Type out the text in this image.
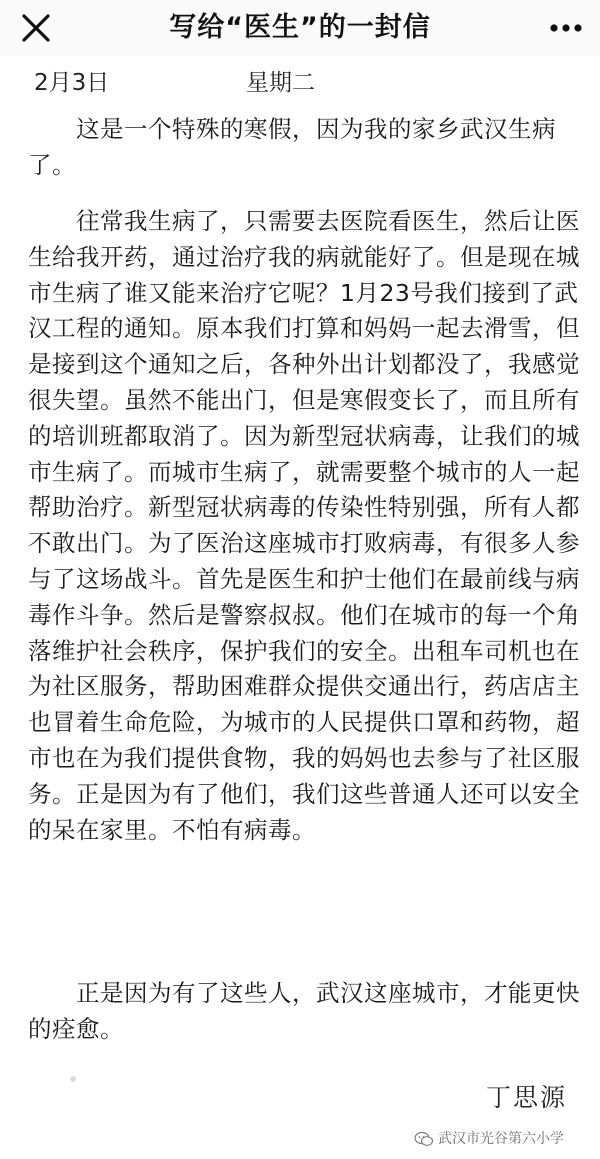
写给“医生”的一封信
2月3日	星期二

这是一个特殊的寒假，因为我的家乡武汉生病了。

往常我生病了，只需要去医院看医生，然后让医生给我开药，通过治疗我的病就能好了。但是现在城市生病了谁又能来治疗它呢？1月23号我们接到了武汉工程的通知。原本我们打算和妈妈一起去滑雪，但是接到这个通知之后，各种外出计划都没了，我感觉很失望。虽然不能出门，但是寒假变长了，而且所有的培训班都取消了。因为新型冠状病毒，让我们的城市生病了。而城市生病了，就需要整个城市的人一起帮助治疗。新型冠状病毒的传染性特别强，所有人都不敢出门。为了医治这座城市打败病毒，有很多人参与了这场战斗。首先是医生和护士他们在最前线与病毒作斗争。然后是警察叔叔。他们在城市的每一个角落维护社会秩序，保护我们的安全。出租车司机也在为社区服务，帮助困难群众提供交通出行，药店店主也冒着生命危险，为城市的人民提供口罩和药物，超市也在为我们提供食物，我的妈妈也去参与了社区服务。正是因为有了他们，我们这些普通人还可以安全的呆在家里。不怕有病毒。

正是因为有了这些人，武汉这座城市，才能更快的痊愈。

丁思源
武汉市光谷第六小学
